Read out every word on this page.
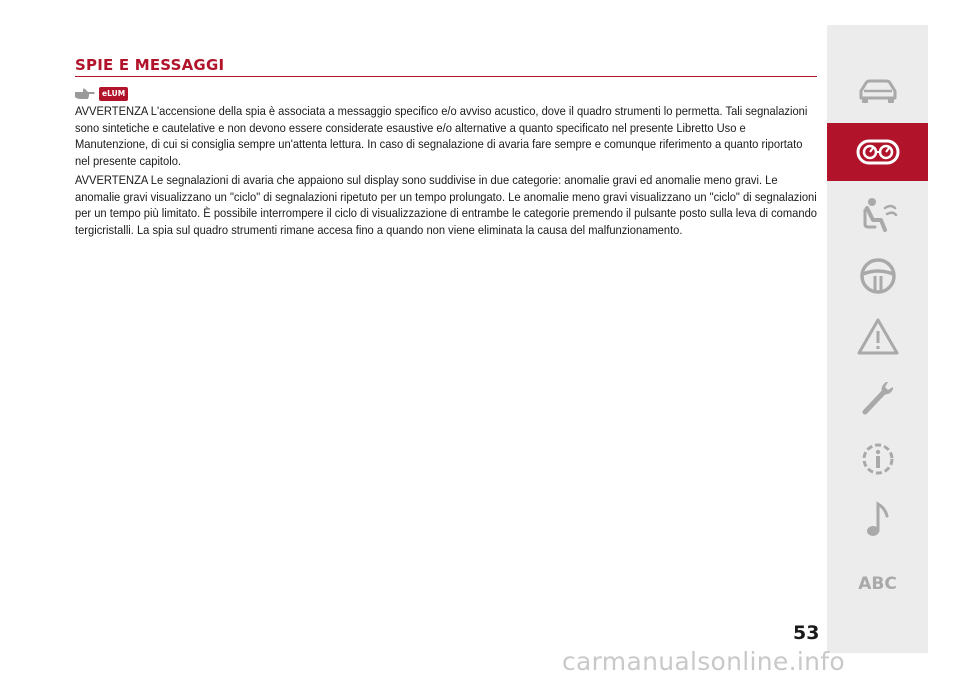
SPIE E MESSAGGI
eLUM

AVVERTENZA L'accensione della spia è associata a messaggio specifico e/o avviso acustico, dove il quadro strumenti lo permetta. Tali segnalazioni sono sintetiche e cautelative e non devono essere considerate esaustive e/o alternative a quanto specificato nel presente Libretto Uso e Manutenzione, di cui si consiglia sempre un'attenta lettura. In caso di segnalazione di avaria fare sempre e comunque riferimento a quanto riportato nel presente capitolo.

AVVERTENZA Le segnalazioni di avaria che appaiono sul display sono suddivise in due categorie: anomalie gravi ed anomalie meno gravi. Le anomalie gravi visualizzano un "ciclo" di segnalazioni ripetuto per un tempo prolungato. Le anomalie meno gravi visualizzano un "ciclo" di segnalazioni per un tempo più limitato. È possibile interrompere il ciclo di visualizzazione di entrambe le categorie premendo il pulsante posto sulla leva di comando tergicristalli. La spia sul quadro strumenti rimane accesa fino a quando non viene eliminata la causa del malfunzionamento.

ABC
53
carmanualsonline.info
